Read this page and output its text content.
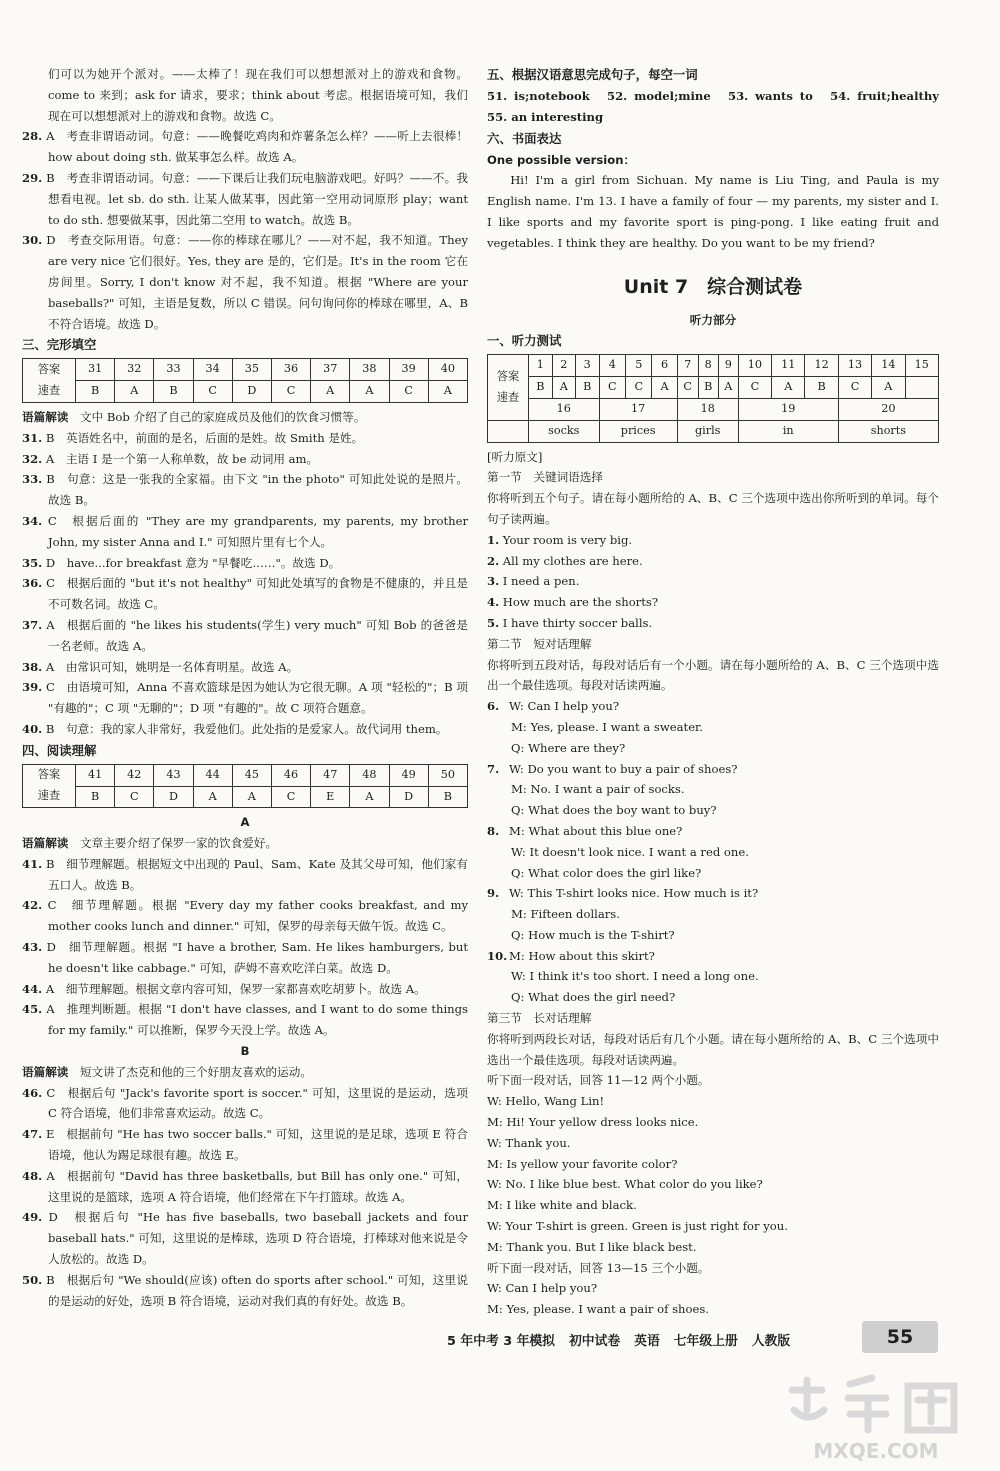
们可以为她开个派对。——太棒了！现在我们可以想想派对上的游戏和食物。come to 来到；ask for 请求，要求；think about 考虑。根据语境可知，我们现在可以想想派对上的游戏和食物。故选 C。

28. A　考查非谓语动词。句意：——晚餐吃鸡肉和炸薯条怎么样？——听上去很棒！how about doing sth. 做某事怎么样。故选 A。

29. B　考查非谓语动词。句意：——下课后让我们玩电脑游戏吧。好吗？——不。我想看电视。let sb. do sth. 让某人做某事，因此第一空用动词原形 play；want to do sth. 想要做某事，因此第二空用 to watch。故选 B。

30. D　考查交际用语。句意：——你的棒球在哪儿？——对不起，我不知道。They are very nice 它们很好。Yes, they are 是的，它们是。It's in the room 它在房间里。Sorry, I don't know 对不起，我不知道。根据 "Where are your baseballs?" 可知，主语是复数，所以 C 错误。问句询问你的棒球在哪里，A、B 不符合语境。故选 D。

三、完形填空
答案
速查	31	32	33	34	35	36	37	38	39	40
	B	A	B	C	D	C	A	A	C	A

语篇解读　 文中 Bob 介绍了自己的家庭成员及他们的饮食习惯等。

31. B　英语姓名中，前面的是名，后面的是姓。故 Smith 是姓。

32. A　主语 I 是一个第一人称单数，故 be 动词用 am。

33. B　句意：这是一张我的全家福。由下文 "in the photo" 可知此处说的是照片。故选 B。

34. C　根据后面的 "They are my grandparents, my parents, my brother John, my sister Anna and I." 可知照片里有七个人。

35. D　have...for breakfast 意为 "早餐吃……"。故选 D。

36. C　根据后面的 "but it's not healthy" 可知此处填写的食物是不健康的，并且是不可数名词。故选 C。

37. A　根据后面的 "he likes his students(学生) very much" 可知 Bob 的爸爸是一名老师。故选 A。

38. A　由常识可知，姚明是一名体育明星。故选 A。

39. C　由语境可知，Anna 不喜欢篮球是因为她认为它很无聊。A 项 "轻松的"；B 项 "有趣的"；C 项 "无聊的"；D 项 "有趣的"。故 C 项符合题意。

40. B　句意：我的家人非常好，我爱他们。此处指的是爱家人。故代词用 them。

四、阅读理解
答案
速查	41	42	43	44	45	46	47	48	49	50
	B	C	D	A	A	C	E	A	D	B
A

语篇解读　 文章主要介绍了保罗一家的饮食爱好。

41. B　细节理解题。根据短文中出现的 Paul、Sam、Kate 及其父母可知，他们家有五口人。故选 B。

42. C　细节理解题。根据 "Every day my father cooks breakfast, and my mother cooks lunch and dinner." 可知，保罗的母亲每天做午饭。故选 C。

43. D　细节理解题。根据 "I have a brother, Sam. He likes hamburgers, but he doesn't like cabbage." 可知，萨姆不喜欢吃洋白菜。故选 D。

44. A　细节理解题。根据文章内容可知，保罗一家都喜欢吃胡萝卜。故选 A。

45. A　推理判断题。根据 "I don't have classes, and I want to do some things for my family." 可以推断，保罗今天没上学。故选 A。

B

语篇解读　 短文讲了杰克和他的三个好朋友喜欢的运动。

46. C　根据后句 "Jack's favorite sport is soccer." 可知，这里说的是运动，选项 C 符合语境，他们非常喜欢运动。故选 C。

47. E　根据前句 "He has two soccer balls." 可知，这里说的是足球，选项 E 符合语境，他认为踢足球很有趣。故选 E。

48. A　根据前句 "David has three basketballs, but Bill has only one." 可知，这里说的是篮球，选项 A 符合语境，他们经常在下午打篮球。故选 A。

49. D　根据后句 "He has five baseballs, two baseball jackets and four baseball hats." 可知，这里说的是棒球，选项 D 符合语境，打棒球对他来说是令人放松的。故选 D。

50. B　根据后句 "We should(应该) often do sports after school." 可知，这里说的是运动的好处，选项 B 符合语境，运动对我们真的有好处。故选 B。

五、根据汉语意思完成句子，每空一词

51. is;notebook　52. model;mine　53. wants to　54. fruit;healthy　55. an interesting

六、书面表达

One possible version：

Hi! I'm a girl from Sichuan. My name is Liu Ting, and Paula is my English name. I'm 13. I have a family of four — my parents, my sister and I. I like sports and my favorite sport is ping-pong. I like eating fruit and vegetables. I think they are healthy. Do you want to be my friend?

Unit 7　综合测试卷
听力部分
一、听力测试
答案
速查	1	2	3	4	5	6	7	8	9	10	11	12	13	14	15
	B	A	B	C	C	A	C	B	A	C	A	B	C	A	
	16			17			18			19			20		
	socks			prices			girls			in			shorts		

[听力原文]

第一节　关键词语选择

你将听到五个句子。请在每小题所给的 A、B、C 三个选项中选出你所听到的单词。每个句子读两遍。

1. Your room is very big.

2. All my clothes are here.

3. I need a pen.

4. How much are the shorts?

5. I have thirty soccer balls.

第二节　短对话理解

你将听到五段对话，每段对话后有一个小题。请在每小题所给的 A、B、C 三个选项中选出一个最佳选项。每段对话读两遍。

6. W: Can I help you?

M: Yes, please. I want a sweater.

Q: Where are they?

7. W: Do you want to buy a pair of shoes?

M: No. I want a pair of socks.

Q: What does the boy want to buy?

8. M: What about this blue one?

W: It doesn't look nice. I want a red one.

Q: What color does the girl like?

9. W: This T-shirt looks nice. How much is it?

M: Fifteen dollars.

Q: How much is the T-shirt?

10. M: How about this skirt?

W: I think it's too short. I need a long one.

Q: What does the girl need?

第三节　长对话理解

你将听到两段长对话，每段对话后有几个小题。请在每小题所给的 A、B、C 三个选项中选出一个最佳选项。每段对话读两遍。

听下面一段对话，回答 11—12 两个小题。

W: Hello, Wang Lin!

M: Hi! Your yellow dress looks nice.

W: Thank you.

M: Is yellow your favorite color?

W: No. I like blue best. What color do you like?

M: I like white and black.

W: Your T-shirt is green. Green is just right for you.

M: Thank you. But I like black best.

听下面一段对话，回答 13—15 三个小题。

W: Can I help you?

M: Yes, please. I want a pair of shoes.

5 年中考 3 年模拟 初中试卷 英语 七年级上册 人教版	55
MXQE.COM
